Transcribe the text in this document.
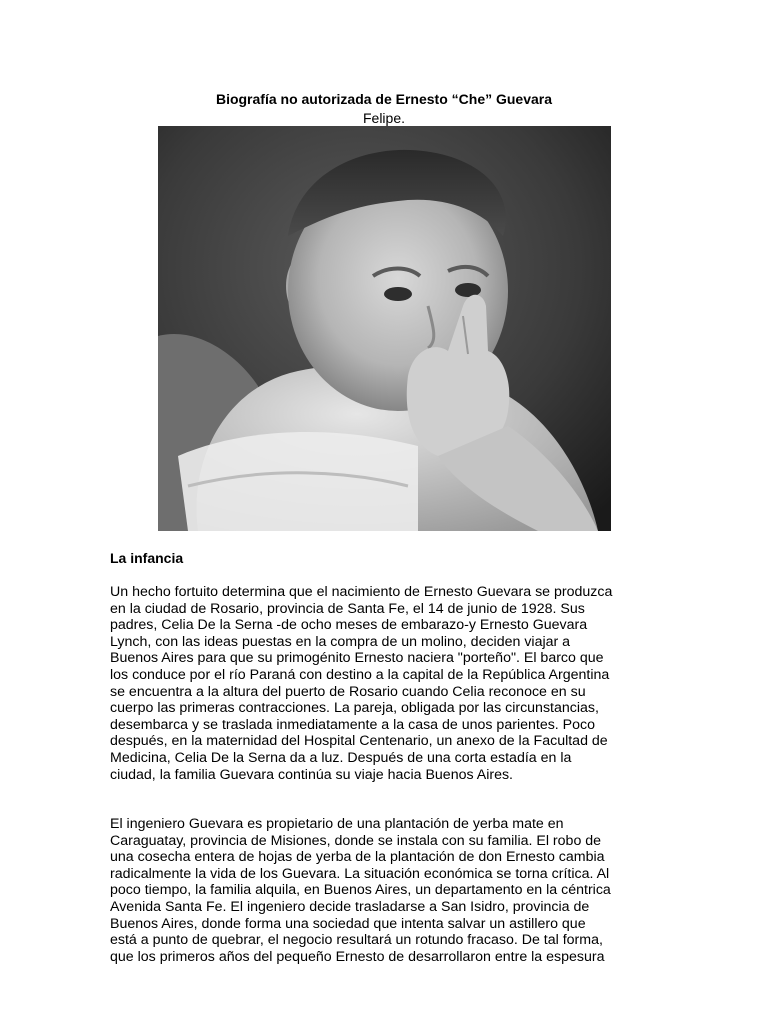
Biografía no autorizada de Ernesto “Che” Guevara
Felipe.
La infancia

Un hecho fortuito determina que el nacimiento de Ernesto Guevara se produzca
en la ciudad de Rosario, provincia de Santa Fe, el 14 de junio de 1928. Sus
padres, Celia De la Serna -de ocho meses de embarazo-y Ernesto Guevara
Lynch, con las ideas puestas en la compra de un molino, deciden viajar a
Buenos Aires para que su primogénito Ernesto naciera "porteño". El barco que
los conduce por el río Paraná con destino a la capital de la República Argentina
se encuentra a la altura del puerto de Rosario cuando Celia reconoce en su
cuerpo las primeras contracciones. La pareja, obligada por las circunstancias,
desembarca y se traslada inmediatamente a la casa de unos parientes. Poco
después, en la maternidad del Hospital Centenario, un anexo de la Facultad de
Medicina, Celia De la Serna da a luz. Después de una corta estadía en la
ciudad, la familia Guevara continúa su viaje hacia Buenos Aires.

El ingeniero Guevara es propietario de una plantación de yerba mate en
Caraguatay, provincia de Misiones, donde se instala con su familia. El robo de
una cosecha entera de hojas de yerba de la plantación de don Ernesto cambia
radicalmente la vida de los Guevara. La situación económica se torna crítica. Al
poco tiempo, la familia alquila, en Buenos Aires, un departamento en la céntrica
Avenida Santa Fe. El ingeniero decide trasladarse a San Isidro, provincia de
Buenos Aires, donde forma una sociedad que intenta salvar un astillero que
está a punto de quebrar, el negocio resultará un rotundo fracaso. De tal forma,
que los primeros años del pequeño Ernesto de desarrollaron entre la espesura
